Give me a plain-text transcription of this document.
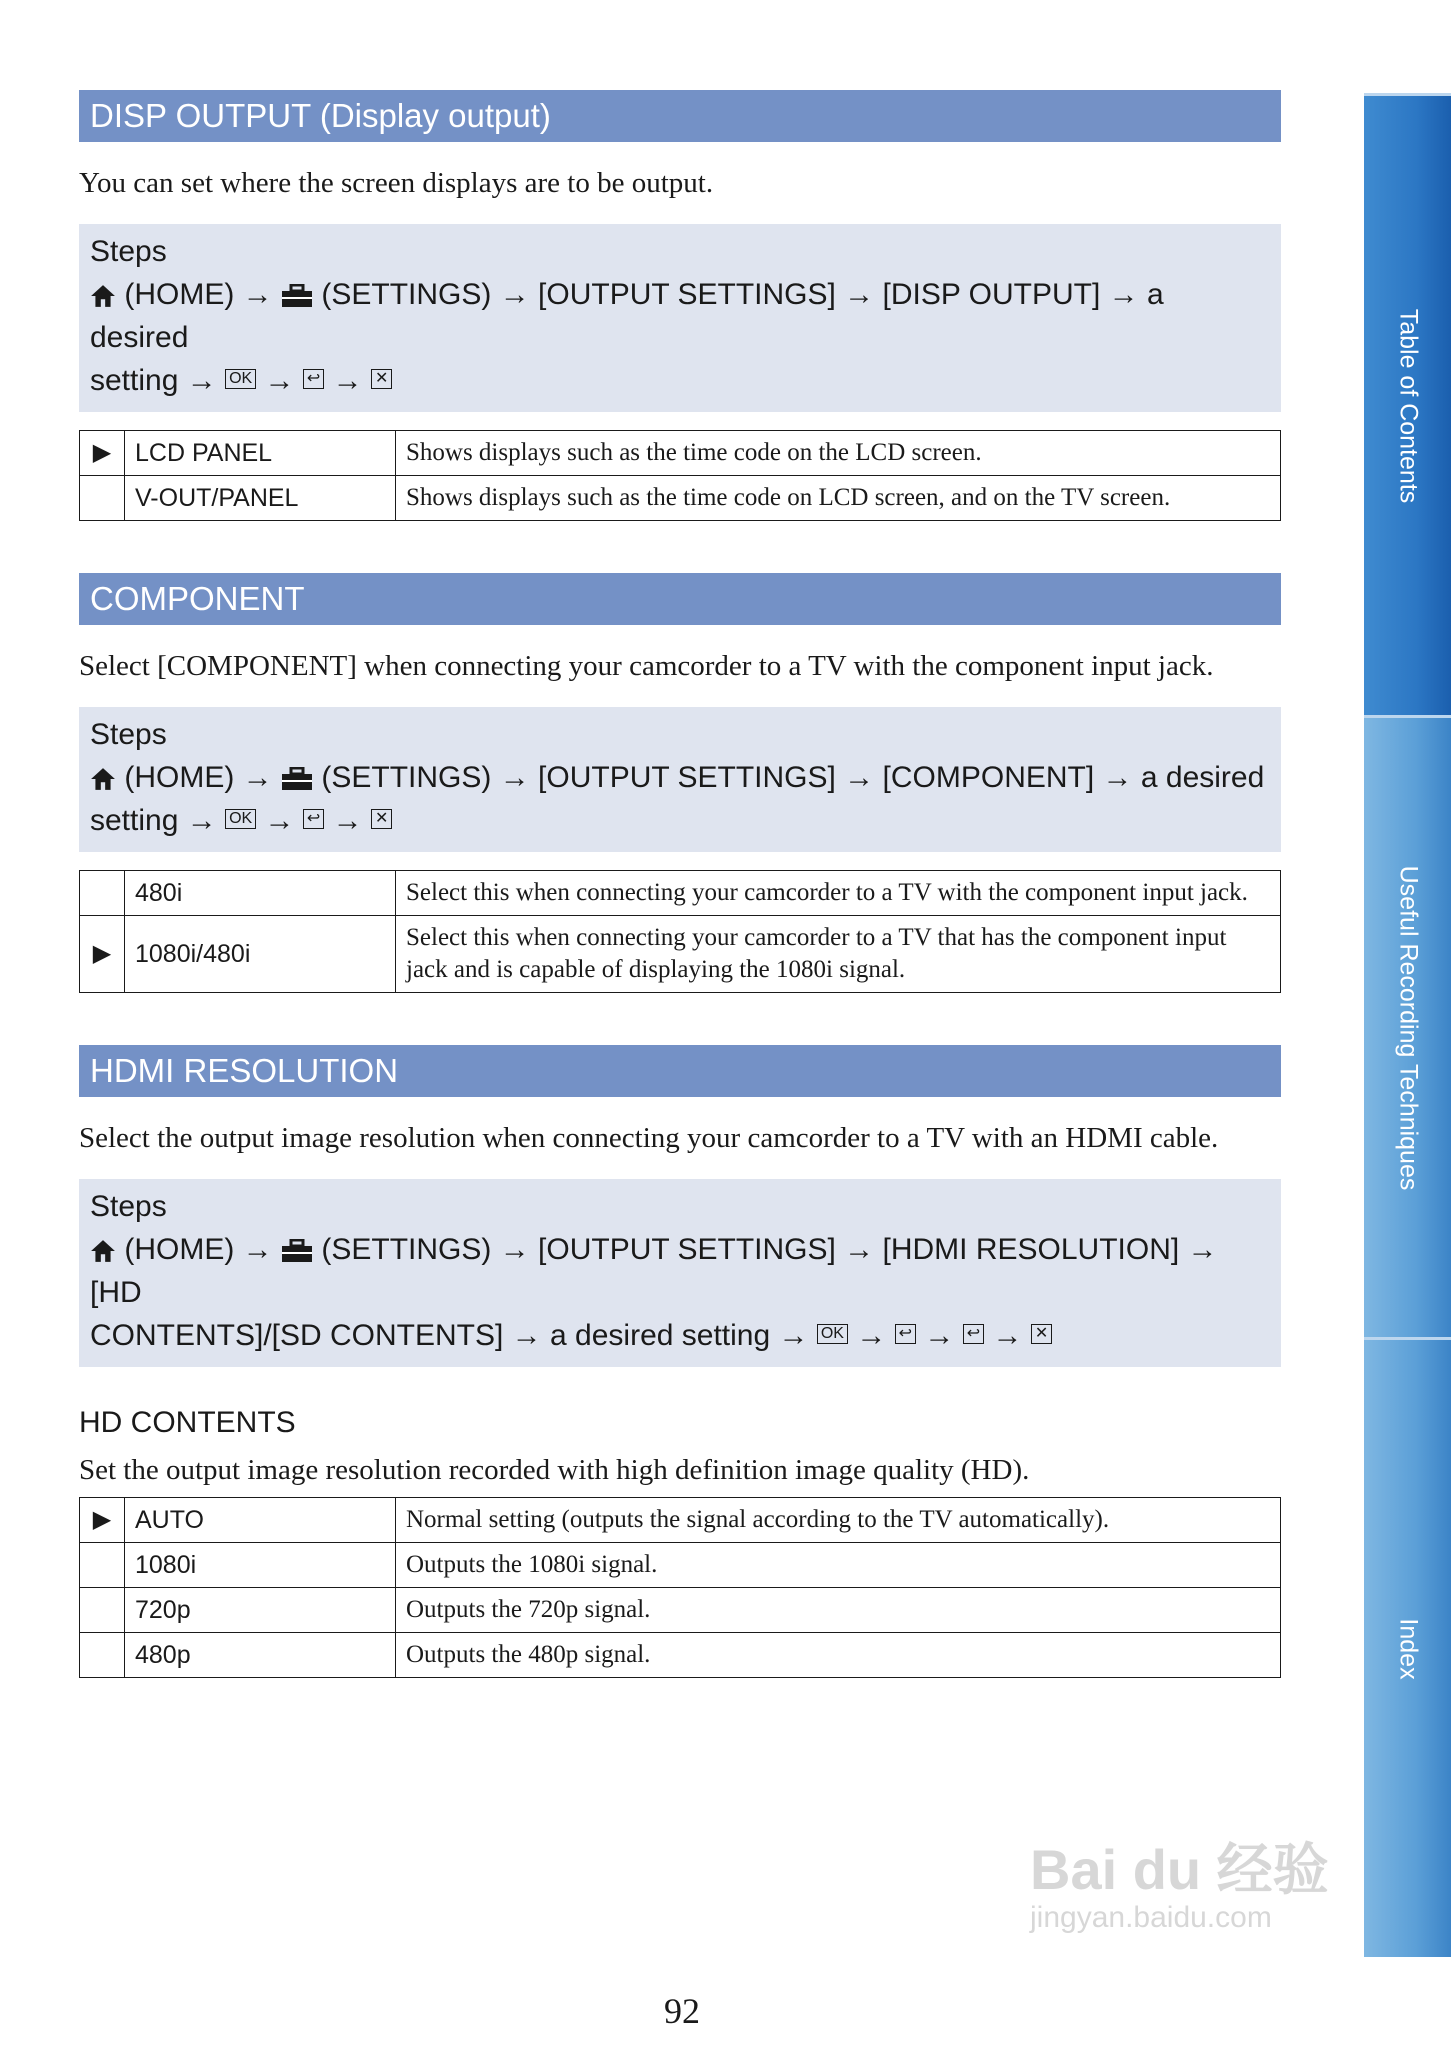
DISP OUTPUT (Display output)
You can set where the screen displays are to be output.
Steps
(HOME) → (SETTINGS) → [OUTPUT SETTINGS] → [DISP OUTPUT] → a desired
setting → OK → ↩ → ✕
▶	LCD PANEL	Shows displays such as the time code on the LCD screen.
	V-OUT/PANEL	Shows displays such as the time code on LCD screen, and on the TV screen.
COMPONENT
Select [COMPONENT] when connecting your camcorder to a TV with the component input jack.
Steps
(HOME) → (SETTINGS) → [OUTPUT SETTINGS] → [COMPONENT] → a desired
setting → OK → ↩ → ✕
	480i	Select this when connecting your camcorder to a TV with the component input jack.
▶	1080i/480i	Select this when connecting your camcorder to a TV that has the component input jack and is capable of displaying the 1080i signal.
HDMI RESOLUTION
Select the output image resolution when connecting your camcorder to a TV with an HDMI cable.
Steps
(HOME) → (SETTINGS) → [OUTPUT SETTINGS] → [HDMI RESOLUTION] → [HD
CONTENTS]/[SD CONTENTS] → a desired setting → OK → ↩ → ↩ → ✕
HD CONTENTS
Set the output image resolution recorded with high definition image quality (HD).
▶	AUTO	Normal setting (outputs the signal according to the TV automatically).
	1080i	Outputs the 1080i signal.
	720p	Outputs the 720p signal.
	480p	Outputs the 480p signal.
Table of Contents
Useful Recording Techniques
Index
92
Bai du 经验
jingyan.baidu.com
